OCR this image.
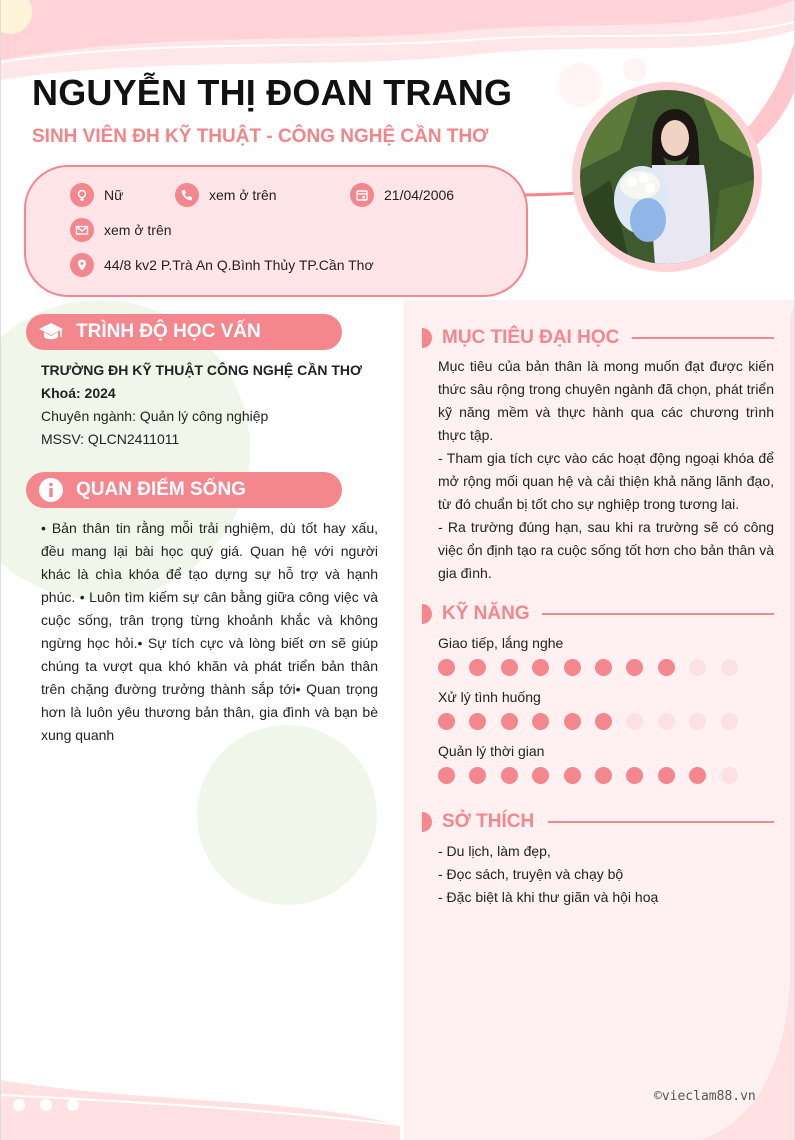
NGUYỄN THỊ ĐOAN TRANG
SINH VIÊN ĐH KỸ THUẬT - CÔNG NGHỆ CẦN THƠ
Nữ	xem ở trên	21/04/2006
xem ở trên
44/8 kv2 P.Trà An Q.Bình Thủy TP.Cần Thơ
TRÌNH ĐỘ HỌC VẤN
TRƯỜNG ĐH KỸ THUẬT CÔNG NGHỆ CẦN THƠ
Khoá: 2024
Chuyên ngành: Quản lý công nghiệp
MSSV: QLCN2411011
QUAN ĐIỂM SỐNG
• Bản thân tin rằng mỗi trải nghiệm, dù tốt hay xấu, đều mang lại bài học quý giá. Quan hệ với người khác là chìa khóa để tạo dựng sự hỗ trợ và hạnh phúc. • Luôn tìm kiếm sự cân bằng giữa công việc và cuộc sống, trân trọng từng khoảnh khắc và không ngừng học hỏi.• Sự tích cực và lòng biết ơn sẽ giúp chúng ta vượt qua khó khăn và phát triển bản thân trên chặng đường trưởng thành sắp tới• Quan trọng hơn là luôn yêu thương bản thân, gia đình và bạn bè xung quanh
MỤC TIÊU ĐẠI HỌC
Mục tiêu của bản thân là mong muốn đạt được kiến thức sâu rộng trong chuyên ngành đã chọn, phát triển kỹ năng mềm và thực hành qua các chương trình thực tập.
- Tham gia tích cực vào các hoạt động ngoại khóa để mở rộng mối quan hệ và cải thiện khả năng lãnh đạo, từ đó chuẩn bị tốt cho sự nghiệp trong tương lai.
- Ra trường đúng hạn, sau khi ra trường sẽ có công việc ổn định tạo ra cuộc sống tốt hơn cho bản thân và gia đình.
KỸ NĂNG
Giao tiếp, lắng nghe
Xử lý tình huống
Quản lý thời gian
SỞ THÍCH
- Du lịch, làm đẹp,
- Đọc sách, truyện và chạy bộ
- Đặc biệt là khi thư giãn và hội hoạ
©vieclam88.vn
